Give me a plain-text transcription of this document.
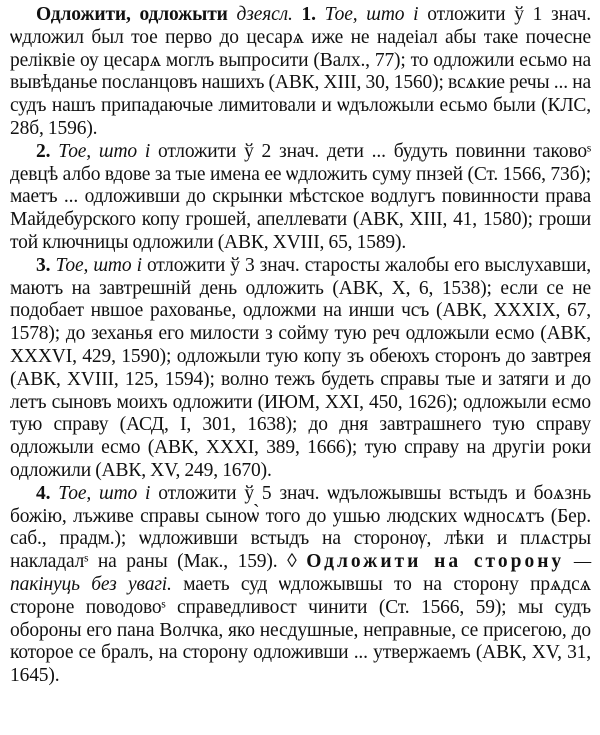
Одложити, одложыти дзеясл. 1. Тое, што і отложити ў 1 знач. ѡдложил был тое перво до цесарѧ иже не надеiал абы таке почесне релiквiе оу цесарѧ моглъ выпросити (Валх., 77); то одложили есьмо на вывѣданье посланцовъ нашихъ (АВК, XIII, 30, 1560); всѧкие речы ... на судъ нашъ припадаючые лимитовали и ѡдъложыли есьмо были (КЛС, 28б, 1596).

2. Тое, што і отложити ў 2 знач. дети ... будуть повинни таковоˢ девцѣ албо вдове за тые имена ее ѡдложить суму пнзей (Ст. 1566, 73б); маетъ ... одложивши до скрынки мѣстское водлугъ повинности права Майдебурского копу грошей, апеллевати (АВК, XIII, 41, 1580); гроши той ключницы одложили (АВК, XVIII, 65, 1589).

3. Тое, што і отложити ў 3 знач. старосты жалобы его выслухавши, маютъ на завтрешнiй день одложить (АВК, X, 6, 1538); если се не подобает нвшое рахованье, одложми на инши чсъ (АВК, XXXIX, 67, 1578); до зеханья его милости з сойму тую реч одложыли есмо (АВК, XXXVI, 429, 1590); одложыли тую копу зъ обеюхъ сторонъ до завтрея (АВК, XVIII, 125, 1594); волно тежъ будеть справы тые и затяги и до летъ сыновъ моихъ одложити (ИЮМ, XXI, 450, 1626); одложыли есмо тую справу (АСД, I, 301, 1638); до дня завтрашнего тую справу одложыли есмо (АВК, XXXI, 389, 1666); тую справу на другiи роки одложили (АВК, XV, 249, 1670).

4. Тое, што і отложити ў 5 знач. ѡдъложывшы встыдъ и боѧзнь божiю, лъживе справы сыноѡ̀ того до ушью людских ѡдносѧтъ (Бер. саб., прадм.); ѡдложивши встыдъ на сторонѹ, лѣки и плѧстры накладалˢ на раны (Мак., 159). ◊ Одложити на сторону — пакінуць без увагі. маеть суд ѡдложывшы то на сторону прѧдсѧ стороне поводовоˢ справедливост чинити (Ст. 1566, 59); мы судъ обороны его пана Волчка, яко несдушные, неправные, се присегою, до которое се бралъ, на сторону одложивши ... утвержаемъ (АВК, XV, 31, 1645).
